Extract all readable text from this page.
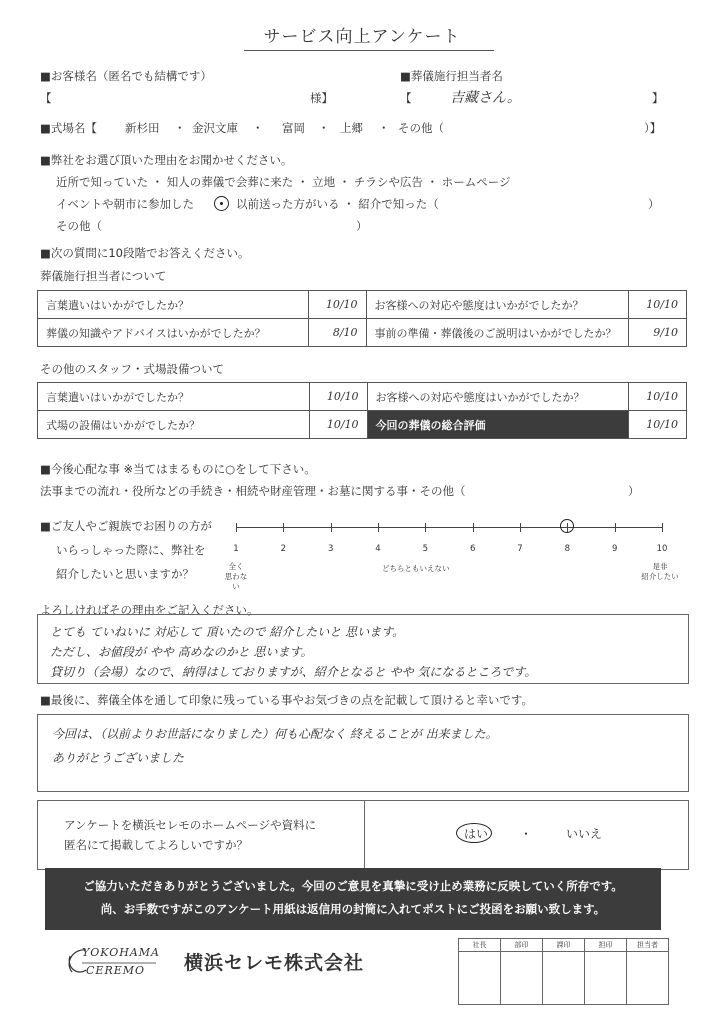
サービス向上アンケート
■お客様名（匿名でも結構です）
【	様】
■葬儀施行担当者名
【	吉藏さん。	】
■式場名【 新杉田 ・ 金沢文庫 ・ 富岡 ・ 上郷 ・ その他（	）】
■弊社をお選び頂いた理由をお聞かせください。
近所で知っていた ・ 知人の葬儀で会葬に来た ・ 立地 ・ チラシや広告 ・ ホームページ
イベントや朝市に参加した	以前送った方がいる ・ 紹介で知った（	）
その他（	）
■次の質問に10段階でお答えください。
葬儀施行担当者について
言葉遣いはいかがでしたか？	10/10	お客様への対応や態度はいかがでしたか？	10/10
葬儀の知識やアドバイスはいかがでしたか？	8/10	事前の準備・葬儀後のご説明はいかがでしたか？	9/10
その他のスタッフ・式場設備ついて
言葉遣いはいかがでしたか？	10/10	お客様への対応や態度はいかがでしたか？	10/10
式場の設備はいかがでしたか？	10/10	今回の葬儀の総合評価	10/10
■今後心配な事 ※当てはまるものに○をして下さい。
法事までの流れ・役所などの手続き・相続や財産管理・お墓に関する事・その他（	）
■ご友人やご親族でお困りの方が
いらっしゃった際に、弊社を
紹介したいと思いますか？
1	2	3	4	5	6	7	8	9	10
全く
思わない
どちらともいえない	是非
紹介したい
よろしければその理由をご記入ください。
とても ていねいに 対応して 頂いたので 紹介したいと 思います。
ただし、お値段が やや 高めなのかと 思います。
貸切り（会場）なので、納得はしておりますが、紹介となると やや 気になるところです。
■最後に、葬儀全体を通して印象に残っている事やお気づきの点を記載して頂けると幸いです。
今回は、（以前よりお世話になりました）何も心配なく 終えることが 出来ました。
ありがとうございました
アンケートを横浜セレモのホームページや資料に
匿名にて掲載してよろしいですか？
はい	・	いいえ
ご協力いただきありがとうございました。今回のご意見を真摯に受け止め業務に反映していく所存です。
尚、お手数ですがこのアンケート用紙は返信用の封筒に入れてポストにご投函をお願い致します。
YOKOHAMA
CEREMO 横浜セレモ株式会社
社長	部印	課印	担印	担当者
